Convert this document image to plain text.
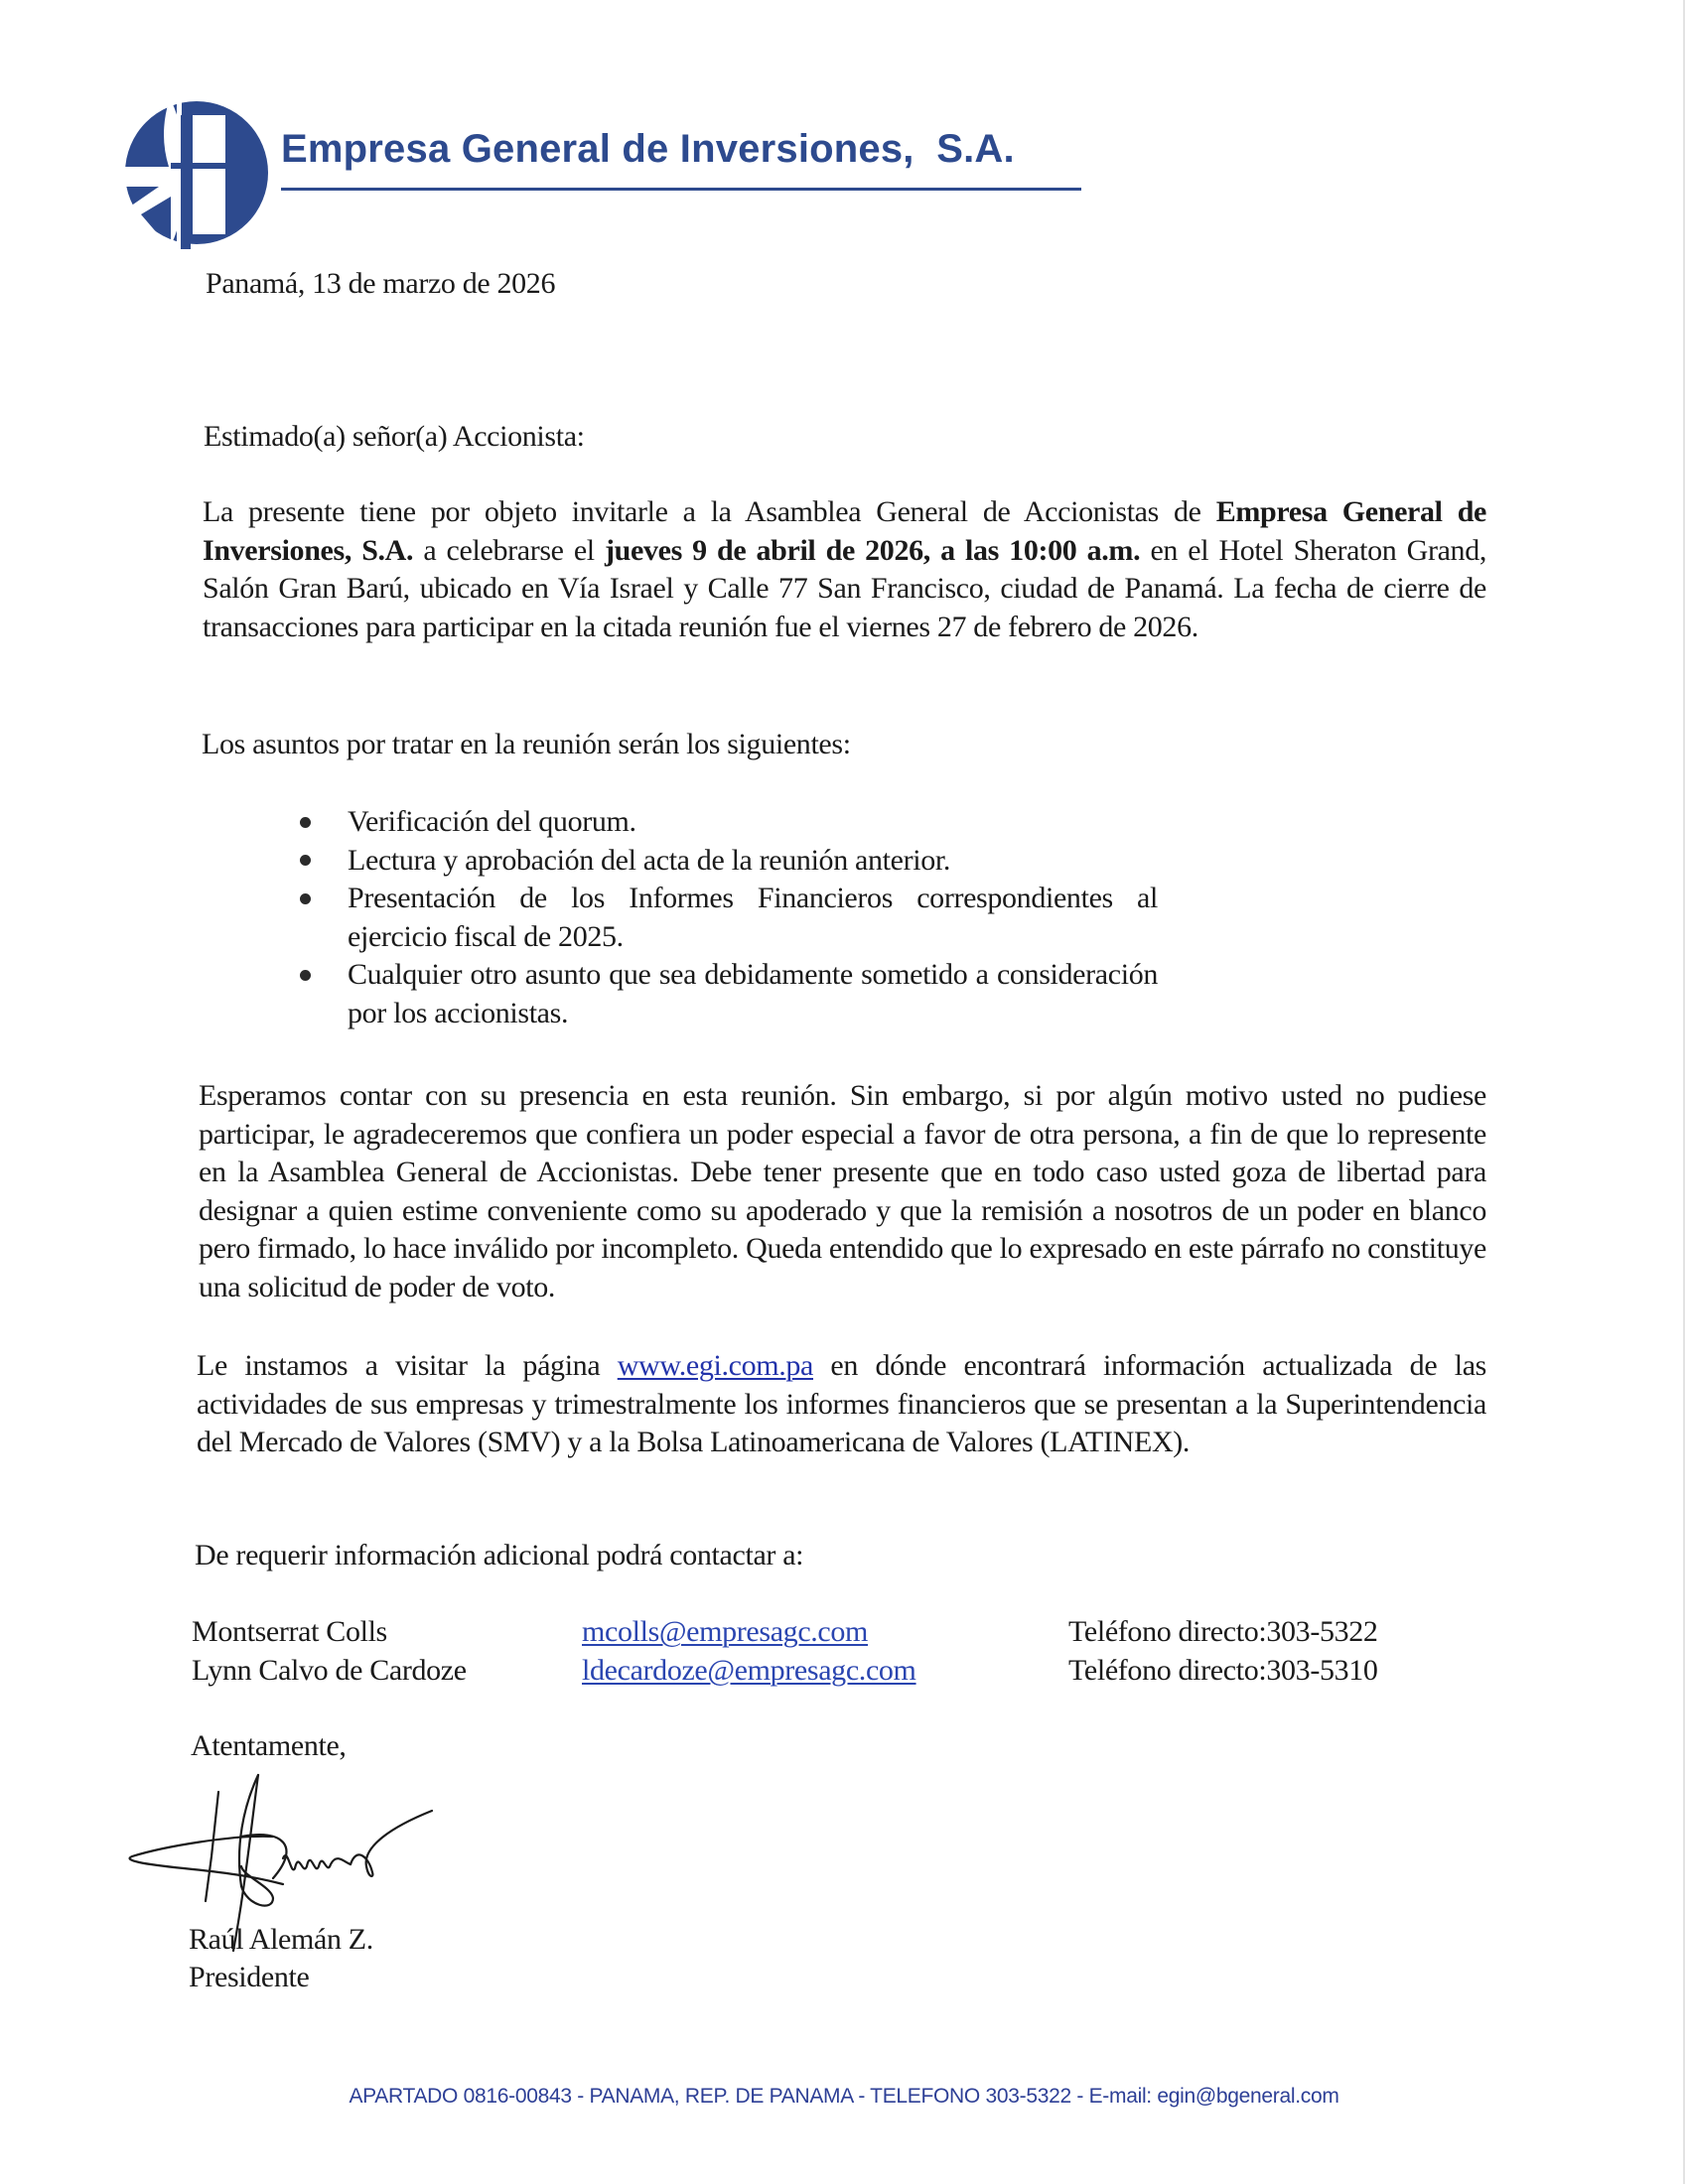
Empresa General de Inversiones,  S.A.
Panamá, 13 de marzo de 2026
Estimado(a) señor(a) Accionista:
La presente tiene por objeto invitarle a la Asamblea General de Accionistas de Empresa General de Inversiones, S.A. a celebrarse el jueves 9 de abril de 2026, a las 10:00 a.m. en el Hotel Sheraton Grand, Salón Gran Barú, ubicado en Vía Israel y Calle 77 San Francisco, ciudad de Panamá. La fecha de cierre de transacciones para participar en la citada reunión fue el viernes 27 de febrero de 2026.
Los asuntos por tratar en la reunión serán los siguientes:
Verificación del quorum.
Lectura y aprobación del acta de la reunión anterior.
Presentación de los Informes Financieros correspondientes al ejercicio fiscal de 2025.
Cualquier otro asunto que sea debidamente sometido a consideración por los accionistas.
Esperamos contar con su presencia en esta reunión. Sin embargo, si por algún motivo usted no pudiese participar, le agradeceremos que confiera un poder especial a favor de otra persona, a fin de que lo represente en la Asamblea General de Accionistas. Debe tener presente que en todo caso usted goza de libertad para designar a quien estime conveniente como su apoderado y que la remisión a nosotros de un poder en blanco pero firmado, lo hace inválido por incompleto. Queda entendido que lo expresado en este párrafo no constituye una solicitud de poder de voto.
Le instamos a visitar la página www.egi.com.pa en dónde encontrará información actualizada de las actividades de sus empresas y trimestralmente los informes financieros que se presentan a la Superintendencia del Mercado de Valores (SMV) y a la Bolsa Latinoamericana de Valores (LATINEX).
De requerir información adicional podrá contactar a:
Montserrat Colls	mcolls@empresagc.com	Teléfono directo:303-5322
Lynn Calvo de Cardoze	ldecardoze@empresagc.com	Teléfono directo:303-5310
Atentamente,
Raúl Alemán Z.
Presidente
APARTADO 0816-00843 - PANAMA, REP. DE PANAMA - TELEFONO 303-5322 - E-mail: egin@bgeneral.com
